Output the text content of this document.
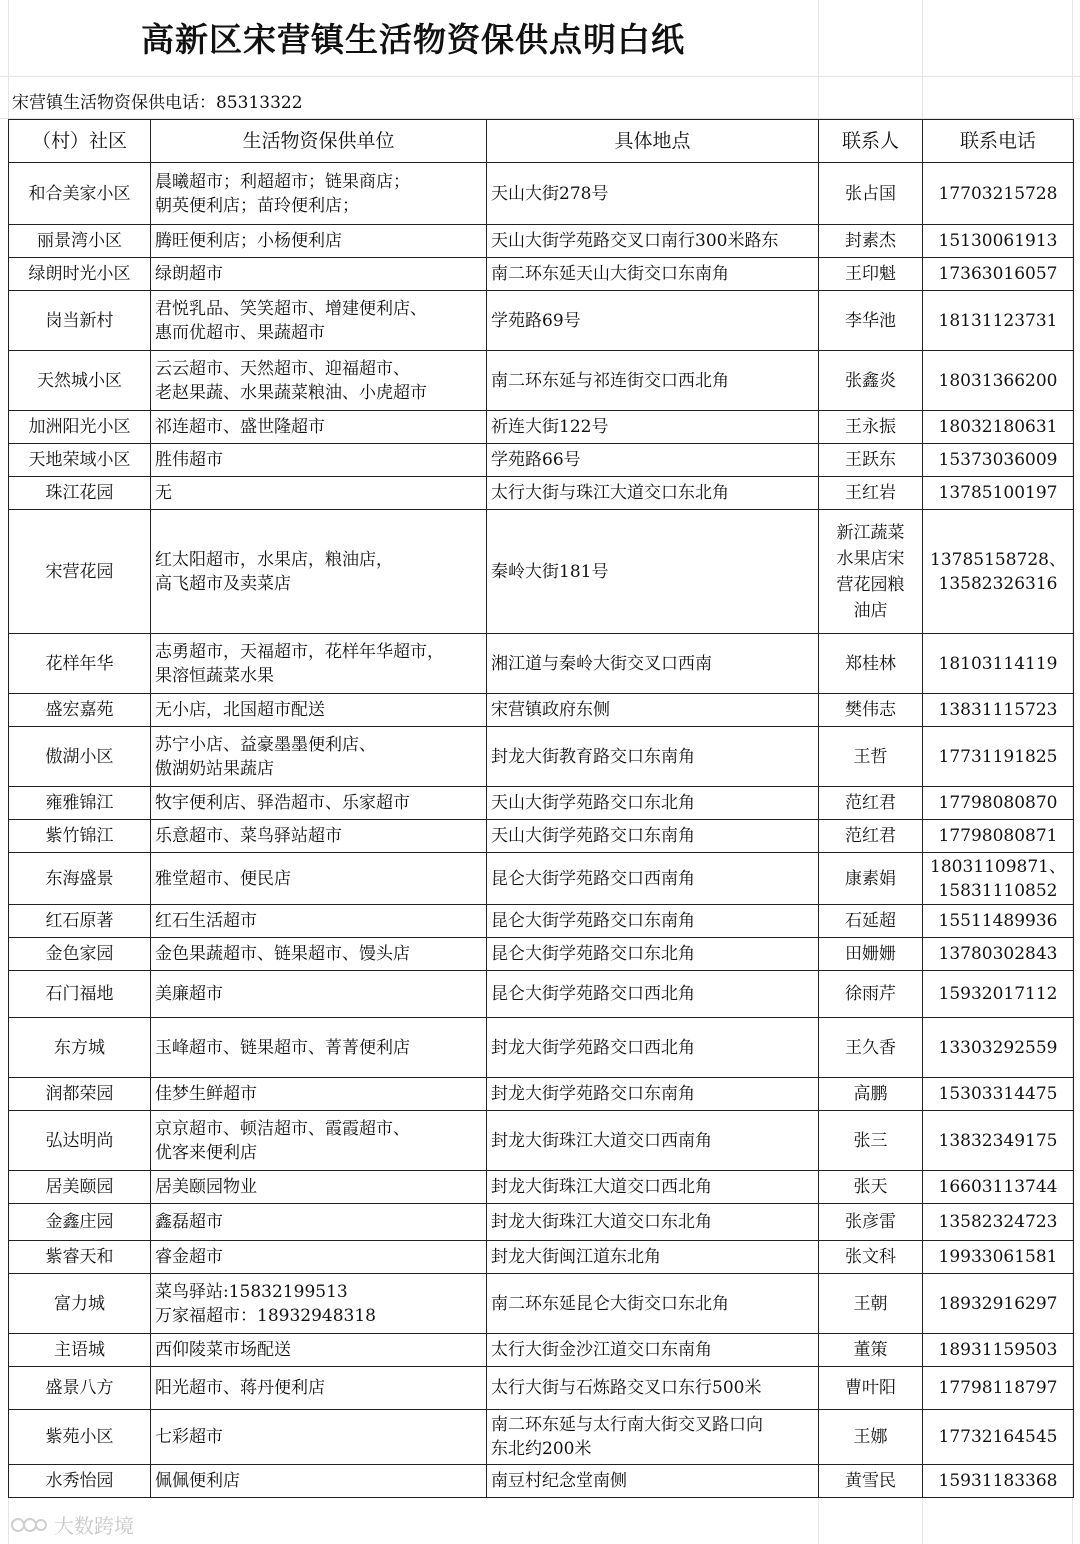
高新区宋营镇生活物资保供点明白纸
宋营镇生活物资保供电话：85313322
（村）社区	生活物资保供单位	具体地点	联系人	联系电话
和合美家小区	晨曦超市；利超超市；链果商店；
朝英便利店；苗玲便利店；	天山大街278号	张占国	17703215728
丽景湾小区	腾旺便利店；小杨便利店	天山大街学苑路交叉口南行300米路东	封素杰	15130061913
绿朗时光小区	绿朗超市	南二环东延天山大街交口东南角	王印魁	17363016057
岗当新村	君悦乳品、笑笑超市、增建便利店、
惠而优超市、果蔬超市	学苑路69号	李华池	18131123731
天然城小区	云云超市、天然超市、迎福超市、
老赵果蔬、水果蔬菜粮油、小虎超市	南二环东延与祁连街交口西北角	张鑫炎	18031366200
加洲阳光小区	祁连超市、盛世隆超市	祈连大街122号	王永振	18032180631
天地荣域小区	胜伟超市	学苑路66号	王跃东	15373036009
珠江花园	无	太行大街与珠江大道交口东北角	王红岩	13785100197
宋营花园	红太阳超市，水果店，粮油店，
高飞超市及卖菜店	秦岭大街181号	新江蔬菜
水果店宋
营花园粮
油店	13785158728、
13582326316
花样年华	志勇超市，天福超市，花样年华超市，
果溶恒蔬菜水果	湘江道与秦岭大街交叉口西南	郑桂林	18103114119
盛宏嘉苑	无小店，北国超市配送	宋营镇政府东侧	樊伟志	13831115723
傲湖小区	苏宁小店、益豪墨墨便利店、
傲湖奶站果蔬店	封龙大街教育路交口东南角	王哲	17731191825
雍雅锦江	牧宇便利店、驿浩超市、乐家超市	天山大街学苑路交口东北角	范红君	17798080870
紫竹锦江	乐意超市、菜鸟驿站超市	天山大街学苑路交口东南角	范红君	17798080871
东海盛景	雅堂超市、便民店	昆仑大街学苑路交口西南角	康素娟	18031109871、
15831110852
红石原著	红石生活超市	昆仑大街学苑路交口东南角	石延超	15511489936
金色家园	金色果蔬超市、链果超市、馒头店	昆仑大街学苑路交口东北角	田姗姗	13780302843
石门福地	美廉超市	昆仑大街学苑路交口西北角	徐雨芹	15932017112
东方城	玉峰超市、链果超市、菁菁便利店	封龙大街学苑路交口西北角	王久香	13303292559
润都荣园	佳梦生鲜超市	封龙大街学苑路交口东南角	高鹏	15303314475
弘达明尚	京京超市、顿洁超市、霞霞超市、
优客来便利店	封龙大街珠江大道交口西南角	张三	13832349175
居美颐园	居美颐园物业	封龙大街珠江大道交口西北角	张天	16603113744
金鑫庄园	鑫磊超市	封龙大街珠江大道交口东北角	张彦雷	13582324723
紫睿天和	睿金超市	封龙大街闽江道东北角	张文科	19933061581
富力城	菜鸟驿站:15832199513
万家福超市：18932948318	南二环东延昆仑大街交口东北角	王朝	18932916297
主语城	西仰陵菜市场配送	太行大街金沙江道交口东南角	董策	18931159503
盛景八方	阳光超市、蒋丹便利店	太行大街与石炼路交叉口东行500米	曹叶阳	17798118797
紫苑小区	七彩超市	南二环东延与太行南大街交叉路口向
东北约200米	王娜	17732164545
水秀怡园	佩佩便利店	南豆村纪念堂南侧	黄雪民	15931183368
大数跨境
